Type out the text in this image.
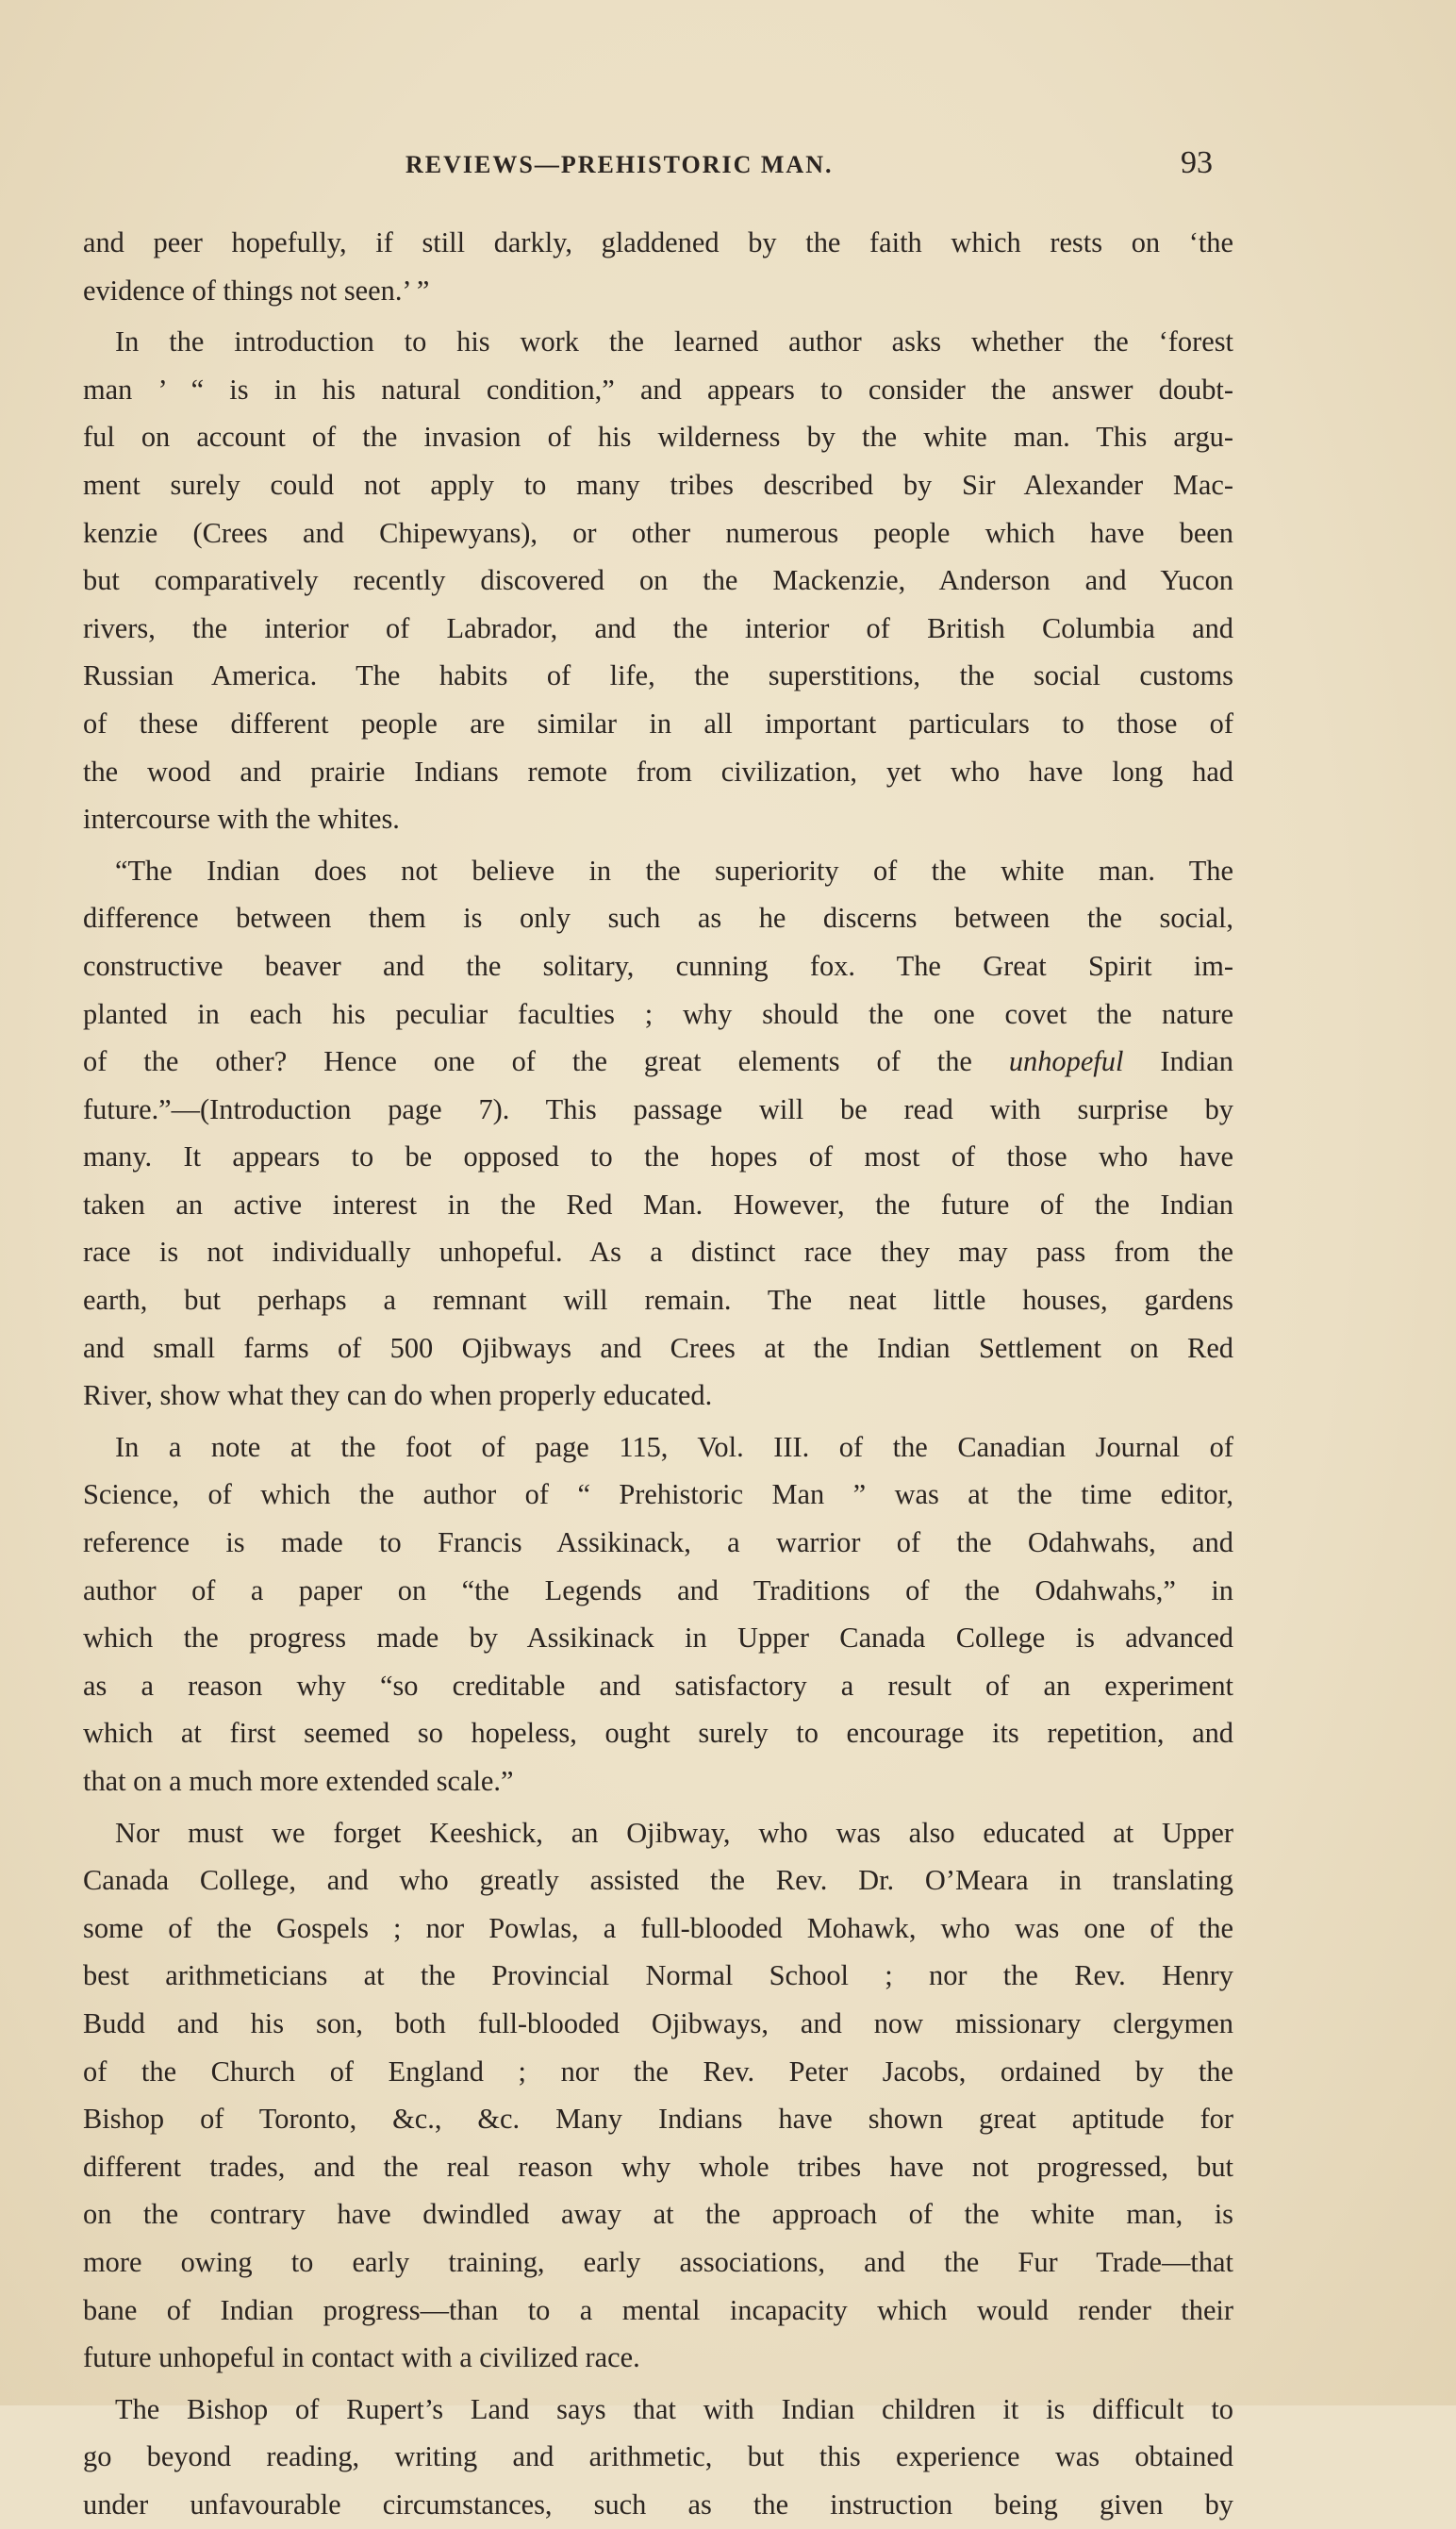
REVIEWS—PREHISTORIC MAN.	93
and peer hopefully, if still darkly, gladdened by the faith which rests on ‘the
evidence of things not seen.’ ”
In the introduction to his work the learned author asks whether the ‘forest
man ’ “ is in his natural condition,” and appears to consider the answer doubt-
ful on account of the invasion of his wilderness by the white man. This argu-
ment surely could not apply to many tribes described by Sir Alexander Mac-
kenzie (Crees and Chipewyans), or other numerous people which have been
but comparatively recently discovered on the Mackenzie, Anderson and Yucon
rivers, the interior of Labrador, and the interior of British Columbia and
Russian America. The habits of life, the superstitions, the social customs
of these different people are similar in all important particulars to those of
the wood and prairie Indians remote from civilization, yet who have long had
intercourse with the whites.
“The Indian does not believe in the superiority of the white man. The
difference between them is only such as he discerns between the social,
constructive beaver and the solitary, cunning fox. The Great Spirit im-
planted in each his peculiar faculties ; why should the one covet the nature
of the other? Hence one of the great elements of the unhopeful Indian
future.”—(Introduction page 7). This passage will be read with surprise by
many. It appears to be opposed to the hopes of most of those who have
taken an active interest in the Red Man. However, the future of the Indian
race is not individually unhopeful. As a distinct race they may pass from the
earth, but perhaps a remnant will remain. The neat little houses, gardens
and small farms of 500 Ojibways and Crees at the Indian Settlement on Red
River, show what they can do when properly educated.
In a note at the foot of page 115, Vol. III. of the Canadian Journal of
Science, of which the author of “ Prehistoric Man ” was at the time editor,
reference is made to Francis Assikinack, a warrior of the Odahwahs, and
author of a paper on “the Legends and Traditions of the Odahwahs,” in
which the progress made by Assikinack in Upper Canada College is advanced
as a reason why “so creditable and satisfactory a result of an experiment
which at first seemed so hopeless, ought surely to encourage its repetition, and
that on a much more extended scale.”
Nor must we forget Keeshick, an Ojibway, who was also educated at Upper
Canada College, and who greatly assisted the Rev. Dr. O’Meara in translating
some of the Gospels ; nor Powlas, a full-blooded Mohawk, who was one of the
best arithmeticians at the Provincial Normal School ; nor the Rev. Henry
Budd and his son, both full-blooded Ojibways, and now missionary clergymen
of the Church of England ; nor the Rev. Peter Jacobs, ordained by the
Bishop of Toronto, &c., &c. Many Indians have shown great aptitude for
different trades, and the real reason why whole tribes have not progressed, but
on the contrary have dwindled away at the approach of the white man, is
more owing to early training, early associations, and the Fur Trade—that
bane of Indian progress—than to a mental incapacity which would render their
future unhopeful in contact with a civilized race.
The Bishop of Rupert’s Land says that with Indian children it is difficult to
go beyond reading, writing and arithmetic, but this experience was obtained
under unfavourable circumstances, such as the instruction being given by
